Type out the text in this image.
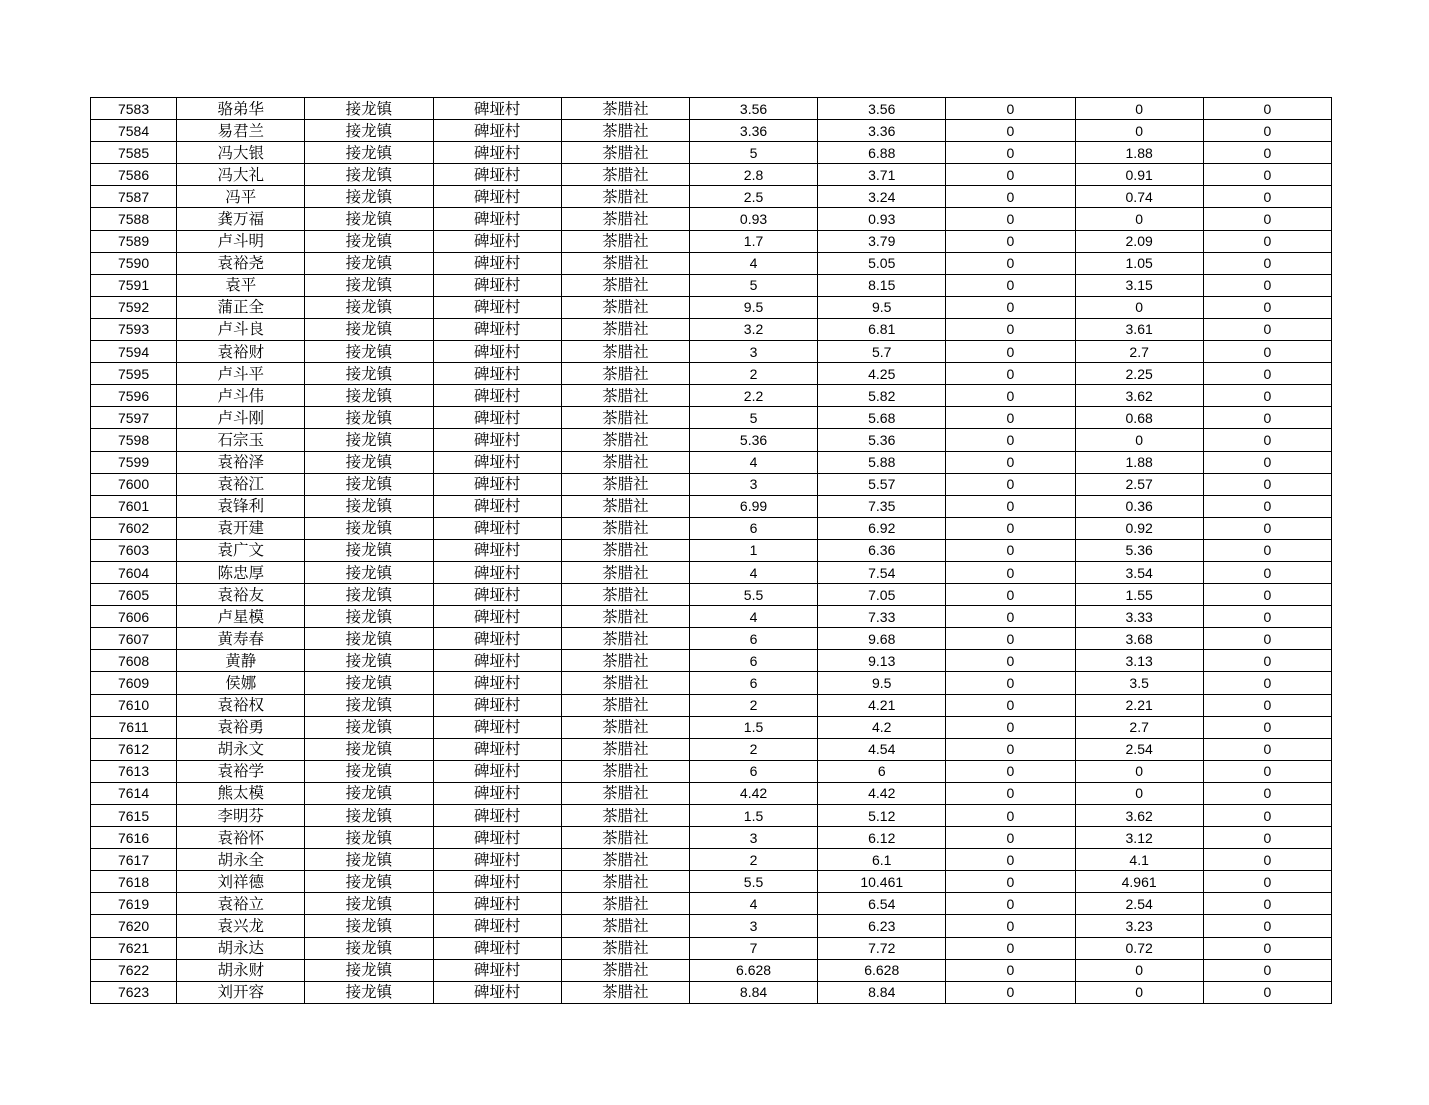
7583	骆弟华	接龙镇	碑垭村	茶腊社	3.56	3.56	0	0	0
7584	易君兰	接龙镇	碑垭村	茶腊社	3.36	3.36	0	0	0
7585	冯大银	接龙镇	碑垭村	茶腊社	5	6.88	0	1.88	0
7586	冯大礼	接龙镇	碑垭村	茶腊社	2.8	3.71	0	0.91	0
7587	冯平	接龙镇	碑垭村	茶腊社	2.5	3.24	0	0.74	0
7588	龚万福	接龙镇	碑垭村	茶腊社	0.93	0.93	0	0	0
7589	卢斗明	接龙镇	碑垭村	茶腊社	1.7	3.79	0	2.09	0
7590	袁裕尧	接龙镇	碑垭村	茶腊社	4	5.05	0	1.05	0
7591	袁平	接龙镇	碑垭村	茶腊社	5	8.15	0	3.15	0
7592	蒲正全	接龙镇	碑垭村	茶腊社	9.5	9.5	0	0	0
7593	卢斗良	接龙镇	碑垭村	茶腊社	3.2	6.81	0	3.61	0
7594	袁裕财	接龙镇	碑垭村	茶腊社	3	5.7	0	2.7	0
7595	卢斗平	接龙镇	碑垭村	茶腊社	2	4.25	0	2.25	0
7596	卢斗伟	接龙镇	碑垭村	茶腊社	2.2	5.82	0	3.62	0
7597	卢斗刚	接龙镇	碑垭村	茶腊社	5	5.68	0	0.68	0
7598	石宗玉	接龙镇	碑垭村	茶腊社	5.36	5.36	0	0	0
7599	袁裕泽	接龙镇	碑垭村	茶腊社	4	5.88	0	1.88	0
7600	袁裕江	接龙镇	碑垭村	茶腊社	3	5.57	0	2.57	0
7601	袁锋利	接龙镇	碑垭村	茶腊社	6.99	7.35	0	0.36	0
7602	袁开建	接龙镇	碑垭村	茶腊社	6	6.92	0	0.92	0
7603	袁广文	接龙镇	碑垭村	茶腊社	1	6.36	0	5.36	0
7604	陈忠厚	接龙镇	碑垭村	茶腊社	4	7.54	0	3.54	0
7605	袁裕友	接龙镇	碑垭村	茶腊社	5.5	7.05	0	1.55	0
7606	卢星模	接龙镇	碑垭村	茶腊社	4	7.33	0	3.33	0
7607	黄寿春	接龙镇	碑垭村	茶腊社	6	9.68	0	3.68	0
7608	黄静	接龙镇	碑垭村	茶腊社	6	9.13	0	3.13	0
7609	侯娜	接龙镇	碑垭村	茶腊社	6	9.5	0	3.5	0
7610	袁裕权	接龙镇	碑垭村	茶腊社	2	4.21	0	2.21	0
7611	袁裕勇	接龙镇	碑垭村	茶腊社	1.5	4.2	0	2.7	0
7612	胡永文	接龙镇	碑垭村	茶腊社	2	4.54	0	2.54	0
7613	袁裕学	接龙镇	碑垭村	茶腊社	6	6	0	0	0
7614	熊太模	接龙镇	碑垭村	茶腊社	4.42	4.42	0	0	0
7615	李明芬	接龙镇	碑垭村	茶腊社	1.5	5.12	0	3.62	0
7616	袁裕怀	接龙镇	碑垭村	茶腊社	3	6.12	0	3.12	0
7617	胡永全	接龙镇	碑垭村	茶腊社	2	6.1	0	4.1	0
7618	刘祥德	接龙镇	碑垭村	茶腊社	5.5	10.461	0	4.961	0
7619	袁裕立	接龙镇	碑垭村	茶腊社	4	6.54	0	2.54	0
7620	袁兴龙	接龙镇	碑垭村	茶腊社	3	6.23	0	3.23	0
7621	胡永达	接龙镇	碑垭村	茶腊社	7	7.72	0	0.72	0
7622	胡永财	接龙镇	碑垭村	茶腊社	6.628	6.628	0	0	0
7623	刘开容	接龙镇	碑垭村	茶腊社	8.84	8.84	0	0	0
